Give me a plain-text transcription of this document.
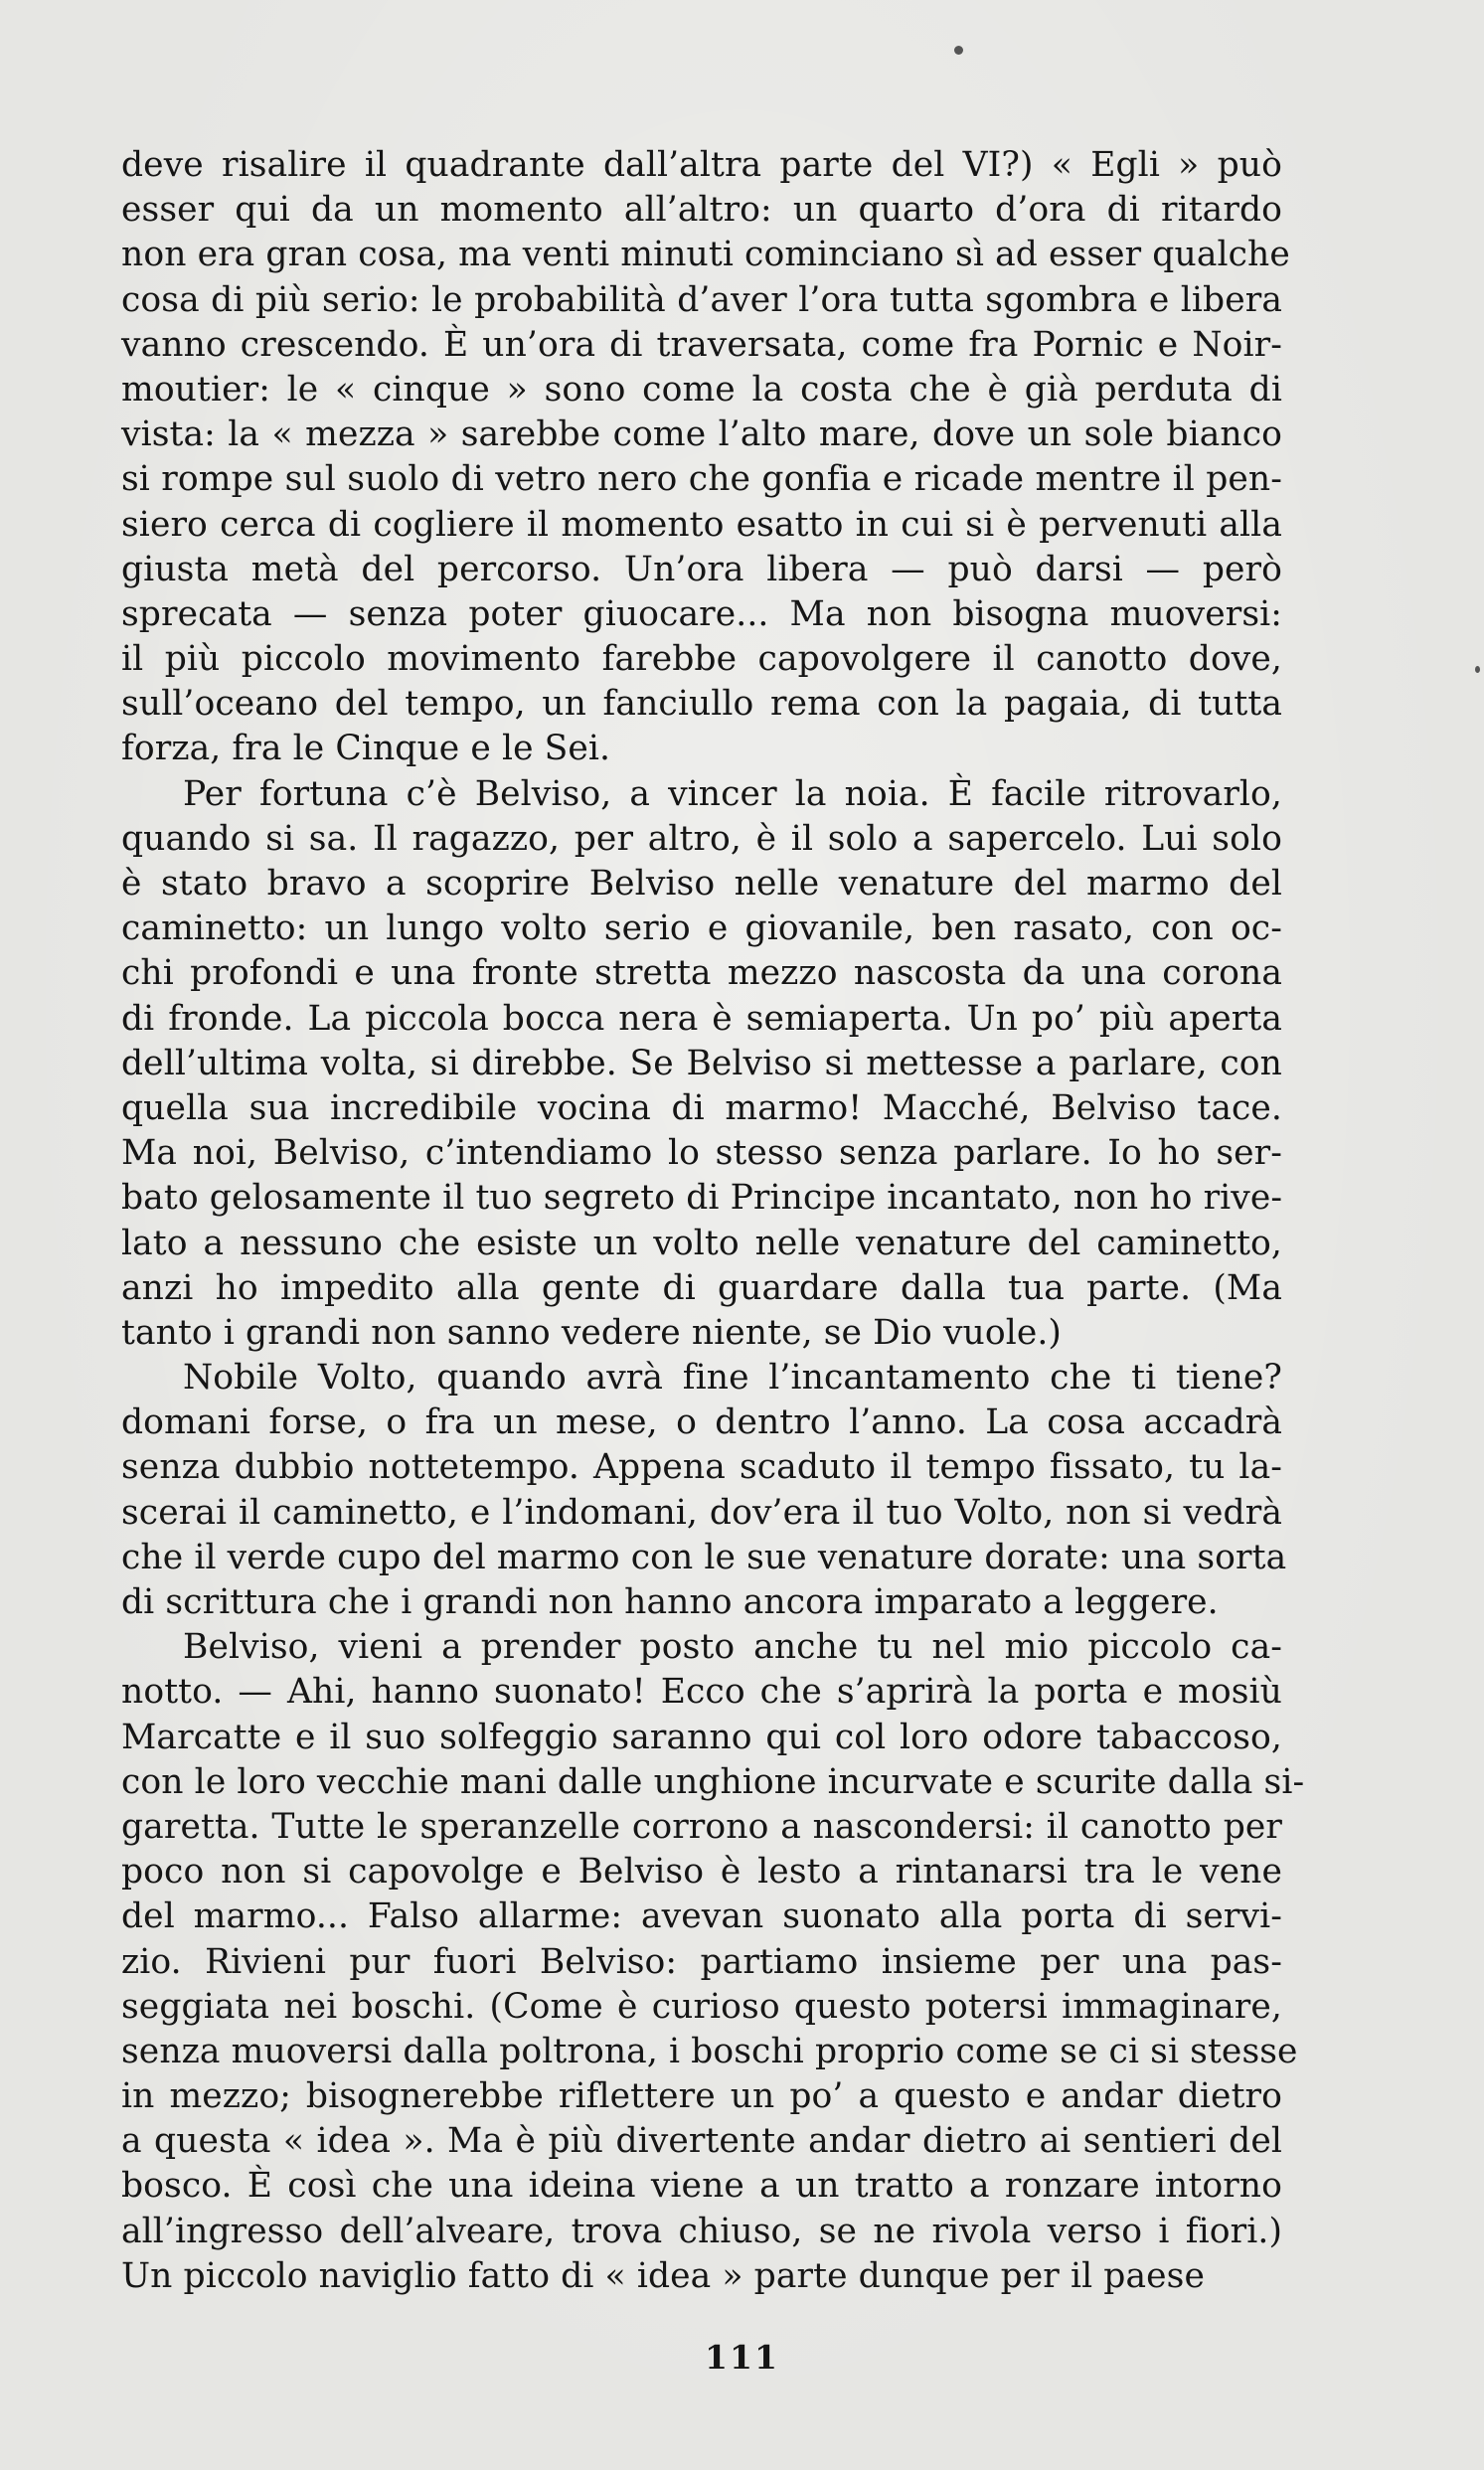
deve risalire il quadrante dall’altra parte del VI?) « Egli » può
esser qui da un momento all’altro: un quarto d’ora di ritardo
non era gran cosa, ma venti minuti cominciano sì ad esser qualche
cosa di più serio: le probabilità d’aver l’ora tutta sgombra e libera
vanno crescendo. È un’ora di traversata, come fra Pornic e Noir-
moutier: le « cinque » sono come la costa che è già perduta di
vista: la « mezza » sarebbe come l’alto mare, dove un sole bianco
si rompe sul suolo di vetro nero che gonfia e ricade mentre il pen-
siero cerca di cogliere il momento esatto in cui si è pervenuti alla
giusta metà del percorso. Un’ora libera — può darsi — però
sprecata — senza poter giuocare... Ma non bisogna muoversi:
il più piccolo movimento farebbe capovolgere il canotto dove,
sull’oceano del tempo, un fanciullo rema con la pagaia, di tutta
forza, fra le Cinque e le Sei.
Per fortuna c’è Belviso, a vincer la noia. È facile ritrovarlo,
quando si sa. Il ragazzo, per altro, è il solo a sapercelo. Lui solo
è stato bravo a scoprire Belviso nelle venature del marmo del
caminetto: un lungo volto serio e giovanile, ben rasato, con oc-
chi profondi e una fronte stretta mezzo nascosta da una corona
di fronde. La piccola bocca nera è semiaperta. Un po’ più aperta
dell’ultima volta, si direbbe. Se Belviso si mettesse a parlare, con
quella sua incredibile vocina di marmo! Macché, Belviso tace.
Ma noi, Belviso, c’intendiamo lo stesso senza parlare. Io ho ser-
bato gelosamente il tuo segreto di Principe incantato, non ho rive-
lato a nessuno che esiste un volto nelle venature del caminetto,
anzi ho impedito alla gente di guardare dalla tua parte. (Ma
tanto i grandi non sanno vedere niente, se Dio vuole.)
Nobile Volto, quando avrà fine l’incantamento che ti tiene?
domani forse, o fra un mese, o dentro l’anno. La cosa accadrà
senza dubbio nottetempo. Appena scaduto il tempo fissato, tu la-
scerai il caminetto, e l’indomani, dov’era il tuo Volto, non si vedrà
che il verde cupo del marmo con le sue venature dorate: una sorta
di scrittura che i grandi non hanno ancora imparato a leggere.
Belviso, vieni a prender posto anche tu nel mio piccolo ca-
notto. — Ahi, hanno suonato! Ecco che s’aprirà la porta e mosiù
Marcatte e il suo solfeggio saranno qui col loro odore tabaccoso,
con le loro vecchie mani dalle unghione incurvate e scurite dalla si-
garetta. Tutte le speranzelle corrono a nascondersi: il canotto per
poco non si capovolge e Belviso è lesto a rintanarsi tra le vene
del marmo... Falso allarme: avevan suonato alla porta di servi-
zio. Rivieni pur fuori Belviso: partiamo insieme per una pas-
seggiata nei boschi. (Come è curioso questo potersi immaginare,
senza muoversi dalla poltrona, i boschi proprio come se ci si stesse
in mezzo; bisognerebbe riflettere un po’ a questo e andar dietro
a questa « idea ». Ma è più divertente andar dietro ai sentieri del
bosco. È così che una ideina viene a un tratto a ronzare intorno
all’ingresso dell’alveare, trova chiuso, se ne rivola verso i fiori.)
Un piccolo naviglio fatto di « idea » parte dunque per il paese
111
